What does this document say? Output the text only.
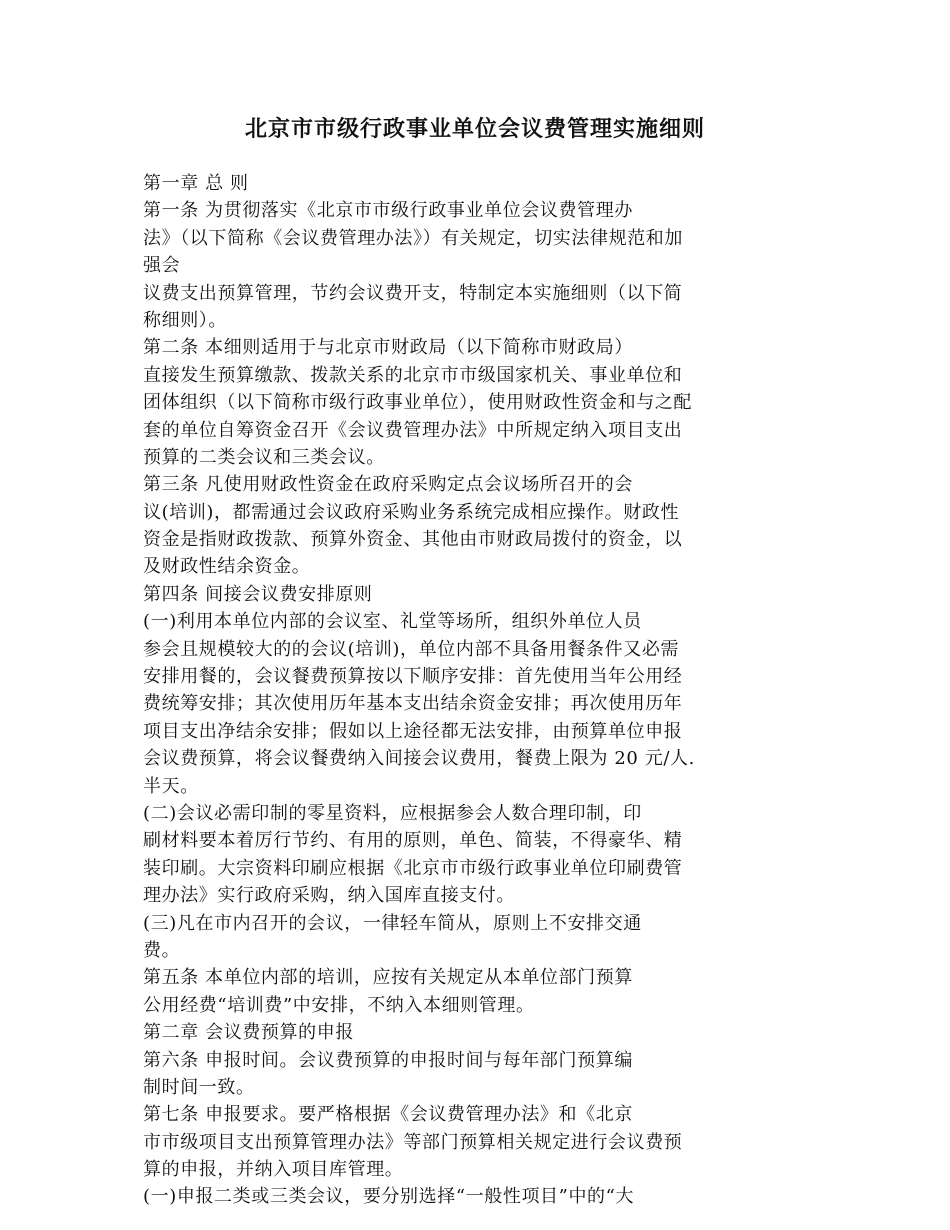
北京市市级行政事业单位会议费管理实施细则
第一章 总 则
第一条 为贯彻落实《北京市市级行政事业单位会议费管理办
法》（以下简称《会议费管理办法》）有关规定，切实法律规范和加
强会
议费支出预算管理，节约会议费开支，特制定本实施细则（以下简
称细则）。
第二条 本细则适用于与北京市财政局（以下简称市财政局）
直接发生预算缴款、拨款关系的北京市市级国家机关、事业单位和
团体组织（以下简称市级行政事业单位），使用财政性资金和与之配
套的单位自筹资金召开《会议费管理办法》中所规定纳入项目支出
预算的二类会议和三类会议。
第三条 凡使用财政性资金在政府采购定点会议场所召开的会
议(培训)，都需通过会议政府采购业务系统完成相应操作。财政性
资金是指财政拨款、预算外资金、其他由市财政局拨付的资金，以
及财政性结余资金。
第四条 间接会议费安排原则
(一)利用本单位内部的会议室、礼堂等场所，组织外单位人员
参会且规模较大的的会议(培训)，单位内部不具备用餐条件又必需
安排用餐的，会议餐费预算按以下顺序安排：首先使用当年公用经
费统筹安排；其次使用历年基本支出结余资金安排；再次使用历年
项目支出净结余安排；假如以上途径都无法安排，由预算单位申报
会议费预算，将会议餐费纳入间接会议费用，餐费上限为 20 元/人.
半天。
(二)会议必需印制的零星资料，应根据参会人数合理印制，印
刷材料要本着厉行节约、有用的原则，单色、简装，不得豪华、精
装印刷。大宗资料印刷应根据《北京市市级行政事业单位印刷费管
理办法》实行政府采购，纳入国库直接支付。
(三)凡在市内召开的会议，一律轻车简从，原则上不安排交通
费。
第五条 本单位内部的培训，应按有关规定从本单位部门预算
公用经费“培训费”中安排，不纳入本细则管理。
第二章 会议费预算的申报
第六条 申报时间。会议费预算的申报时间与每年部门预算编
制时间一致。
第七条 申报要求。要严格根据《会议费管理办法》和《北京
市市级项目支出预算管理办法》等部门预算相关规定进行会议费预
算的申报，并纳入项目库管理。
(一)申报二类或三类会议，要分别选择“一般性项目”中的“大
